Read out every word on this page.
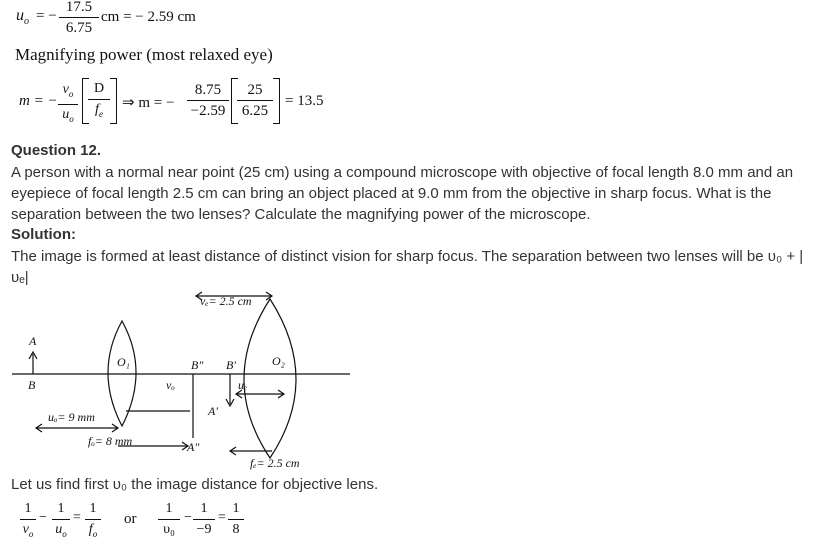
$u_o$ = − $\frac{17.5}{6.75}$ cm = − 2.59 cm
Magnifying power (most relaxed eye)
m = − $\frac{v_o}{u_o} \frac{D}{f_e}$ ⇒ m = − $\frac{8.75}{-2.59} \frac{25}{6.25} = 13.5$
Question 12.
A person with a normal near point (25 cm) using a compound microscope with objective of focal length 8.0 mm and an eyepiece of focal length 2.5 cm can bring an object placed at 9.0 mm from the objective in sharp focus. What is the separation between the two lenses? Calculate the magnifying power of the microscope.
Solution:
The image is formed at least distance of distinct vision for sharp focus. The separation between two lenses will be υ₀ + |υₑ|
vₑ= 2.5 cm
A
B
O₁	O₂
B″ B′
vₒ	uₑ
A′
A″
uₒ= 9 mm
fₒ= 8 mm
fₑ= 2.5 cm
Let us find first υ₀ the image distance for objective lens.
$\frac{1}{v_o} - \frac{1}{u_o} = \frac{1}{f_o}$ or $\frac{1}{\text{υ₀}} - \frac{1}{-9} = \frac{1}{8}$
